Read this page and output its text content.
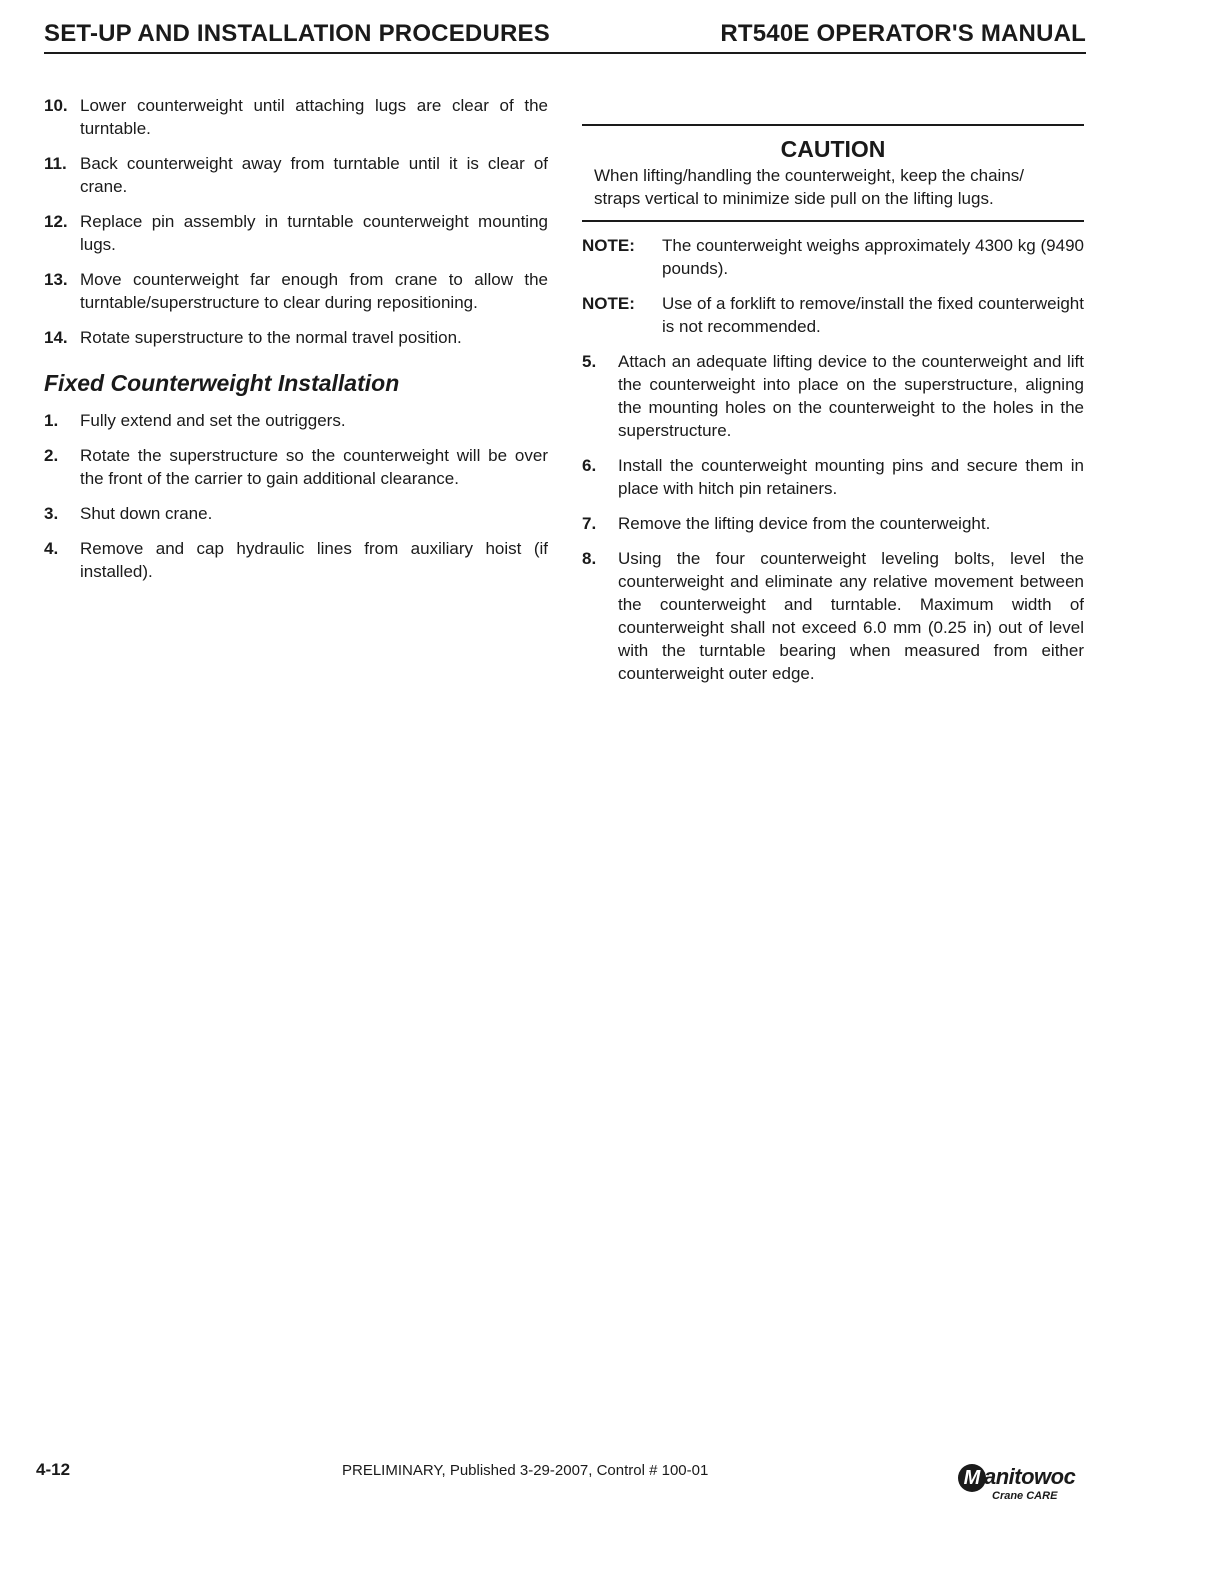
SET-UP AND INSTALLATION PROCEDURES	RT540E OPERATOR'S MANUAL
10. Lower counterweight until attaching lugs are clear of the turntable.
11. Back counterweight away from turntable until it is clear of crane.
12. Replace pin assembly in turntable counterweight mounting lugs.
13. Move counterweight far enough from crane to allow the turntable/superstructure to clear during repositioning.
14. Rotate superstructure to the normal travel position.
Fixed Counterweight Installation
1. Fully extend and set the outriggers.
2. Rotate the superstructure so the counterweight will be over the front of the carrier to gain additional clearance.
3. Shut down crane.
4. Remove and cap hydraulic lines from auxiliary hoist (if installed).
CAUTION
When lifting/handling the counterweight, keep the chains/ straps vertical to minimize side pull on the lifting lugs.
NOTE: The counterweight weighs approximately 4300 kg (9490 pounds).
NOTE: Use of a forklift to remove/install the fixed counterweight is not recommended.
5. Attach an adequate lifting device to the counterweight and lift the counterweight into place on the superstructure, aligning the mounting holes on the counterweight to the holes in the superstructure.
6. Install the counterweight mounting pins and secure them in place with hitch pin retainers.
7. Remove the lifting device from the counterweight.
8. Using the four counterweight leveling bolts, level the counterweight and eliminate any relative movement between the counterweight and turntable. Maximum width of counterweight shall not exceed 6.0 mm (0.25 in) out of level with the turntable bearing when measured from either counterweight outer edge.
4-12	PRELIMINARY, Published 3-29-2007, Control # 100-01	M anitowoc
Crane CARE
